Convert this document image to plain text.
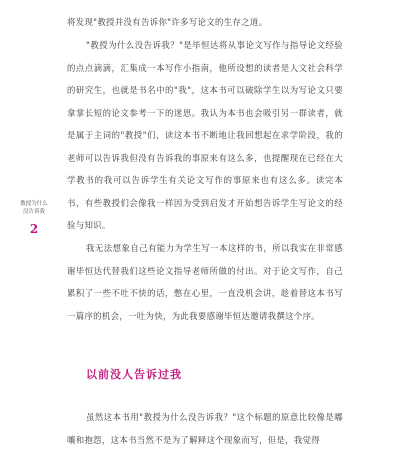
教授为什么
没告诉我
2

将发现"教授并没有告诉你"许多写论文的生存之道。

"教授为什么没告诉我？"是毕恒达将从事论文写作与指导论文经验的点点滴滴，汇集成一本写作小指南，他所设想的读者是人文社会科学的研究生，也就是书名中的"我"，这本书可以破除学生以为写论文只要拿掌长短的论文参考一下的迷思。我认为本书也会吸引另一群读者，就是属于主词的"教授"们，读这本书不断地让我回想起在求学阶段，我的老师可以告诉我但没有告诉我的事原来有这么多，也提醒现在已经在大学教书的我可以告诉学生有关论文写作的事原来也有这么多。读完本书，有些教授们会像我一样因为受到启发才开始想告诉学生写论文的经验与知识。

我无法想象自己有能力为学生写一本这样的书，所以我实在非常感谢毕恒达代替我们这些论文指导老师所做的付出。对于论文写作，自己累积了一些不吐不快的话，憋在心里，一直没机会讲，趁着替这本书写一篇序的机会，一吐为快，为此我要感谢毕恒达邀请我撰这个序。

以前没人告诉过我

虽然这本书用"教授为什么没告诉我？"这个标题的原意比较像是嘟嚷和抱怨，这本书当然不是为了解释这个现象而写，但是，我觉得
